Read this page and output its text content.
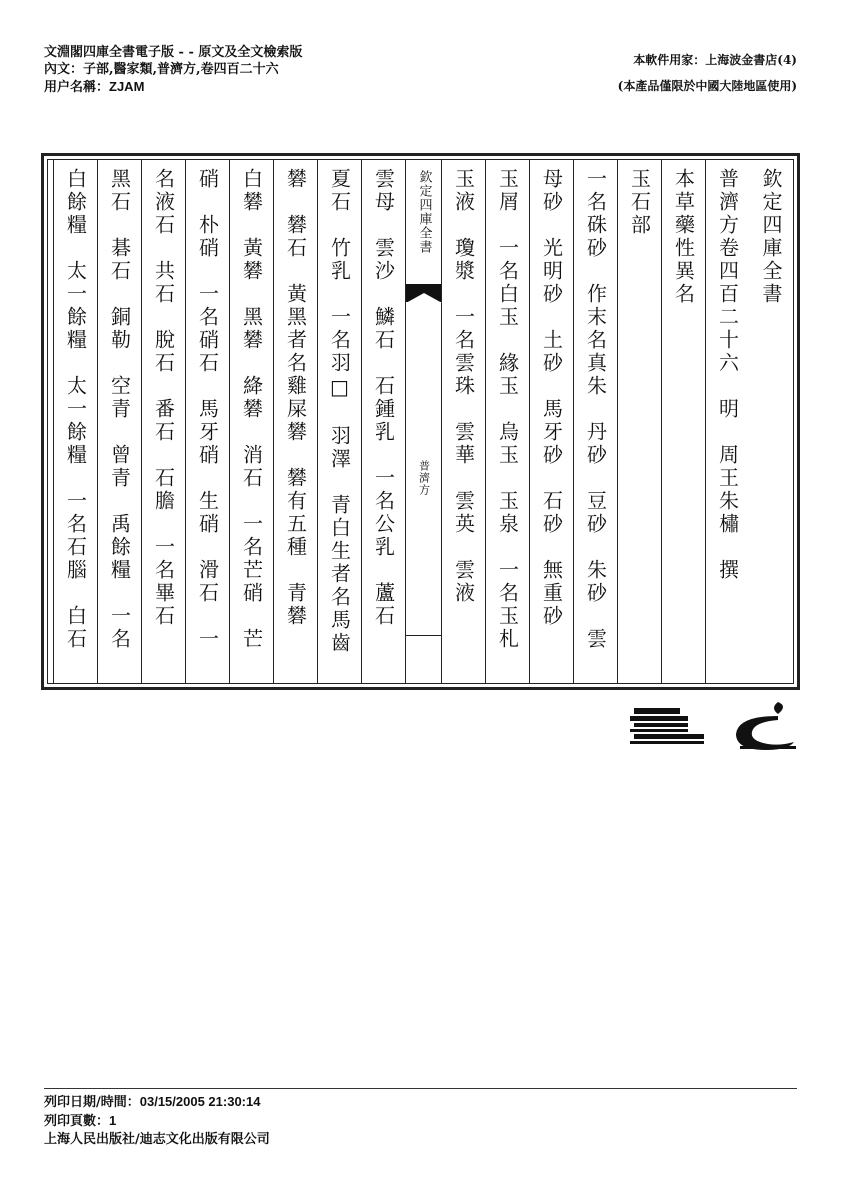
文淵閣四庫全書電子版 - - 原文及全文檢索版
內文：子部,醫家類,普濟方,卷四百二十六
用户名稱：ZJAM
本軟件用家：上海波金書店(4)
(本產品僅限於中國大陸地區使用)
欽定四庫全書
普濟方卷四百二十六　明　周王朱橚　撰
本草藥性異名
玉石部
一名硃砂　作末名真朱　丹砂　豆砂　朱砂　雲
母砂　光明砂　土砂　馬牙砂　石砂　無重砂
玉屑　一名白玉　緣玉　烏玉　玉泉　一名玉札
玉液　瓊漿　一名雲珠　雲華　雲英　雲液
欽定四庫全書
普濟方
雲母　雲沙　鱗石　石鍾乳　一名公乳　蘆石
夏石　竹乳　一名羽□　羽澤　青白生者名馬齒
礬　礬石　黃黑者名雞屎礬　礬有五種　青礬
白礬　黃礬　黑礬　絳礬　消石　一名芒硝　芒
硝　朴硝　一名硝石　馬牙硝　生硝　滑石　一
名液石　共石　脫石　番石　石膽　一名畢石
黑石　碁石　銅勒　空青　曾青　禹餘糧　一名
白餘糧　太一餘糧　太一餘糧　一名石腦　白石
列印日期/時間：03/15/2005 21:30:14
列印頁數：1
上海人民出版社/迪志文化出版有限公司
